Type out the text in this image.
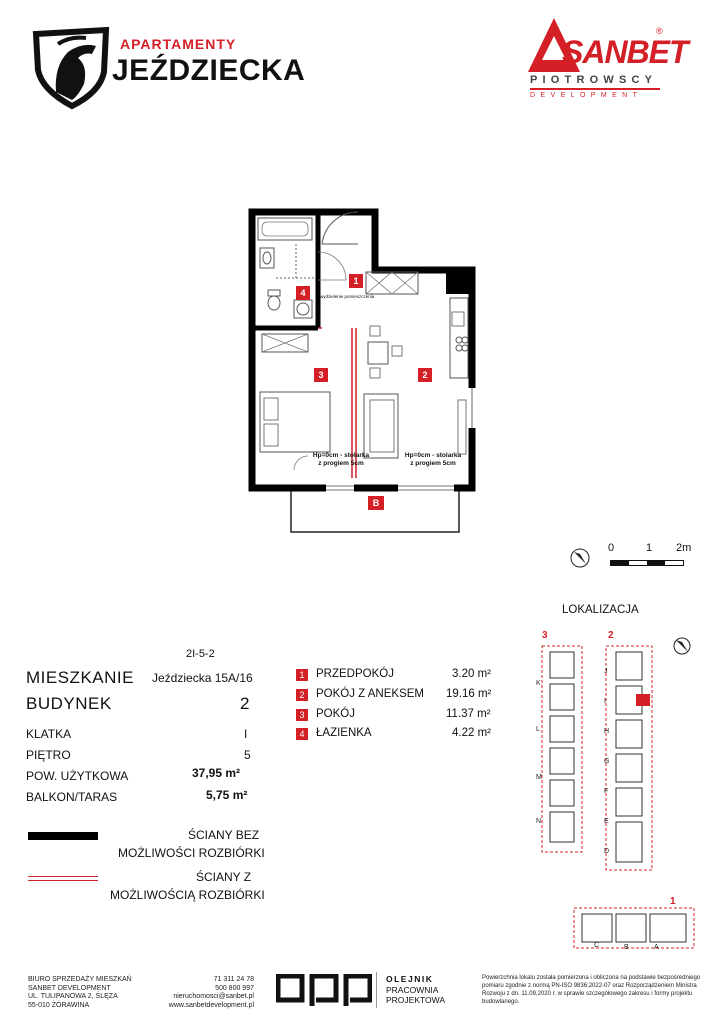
APARTAMENTY
JEŹDZIECKA
SANBET
®
PIOTROWSCY
DEVELOPMENT
1
2
3
4
B
wydzielenie pomieszczenia
Hp=0cm - stolarka
z progiem 5cm
Hp=0cm - stolarka
z progiem 5cm
0	1 2m
2I-5-2
MIESZKANIE Jeździecka 15A/16
BUDYNEK	2
KLATKA	I
PIĘTRO	5
POW. UŻYTKOWA	37,95 m²
BALKON/TARAS	5,75 m²
1	PRZEDPOKÓJ	3.20 m²
2	POKÓJ Z ANEKSEM 19.16 m²
3	POKÓJ	11.37 m²
4	ŁAZIENKA	4.22 m²
ŚCIANY BEZ
MOŻLIWOŚCI ROZBIÓRKI
ŚCIANY Z
MOŻLIWOŚCIĄ ROZBIÓRKI
LOKALIZACJA
3	2
1
K
L
M
N
J
I
H
G
F
E
D
C	B	A
BIURO SPRZEDAŻY MIESZKAŃ
SANBET DEVELOPMENT
UL. TULIPANOWA 2, ŚLĘZA
55-010 ŻÓRAWINA
71 311 24 78
500 800 997
nieruchomosci@sanbet.pl
www.sanbetdevelopment.pl
OLEJNIK
PRACOWNIA
PROJEKTOWA
Powierzchnia lokalu została pomierzona i obliczona na podstawie bezpośredniego pomiaru zgodnie z normą PN-ISO 9836:2022-07 oraz Rozporządzeniem Ministra Rozwoju z dn. 11.09.2020 r. w sprawie szczegółowego zakresu i formy projektu budowlanego.
